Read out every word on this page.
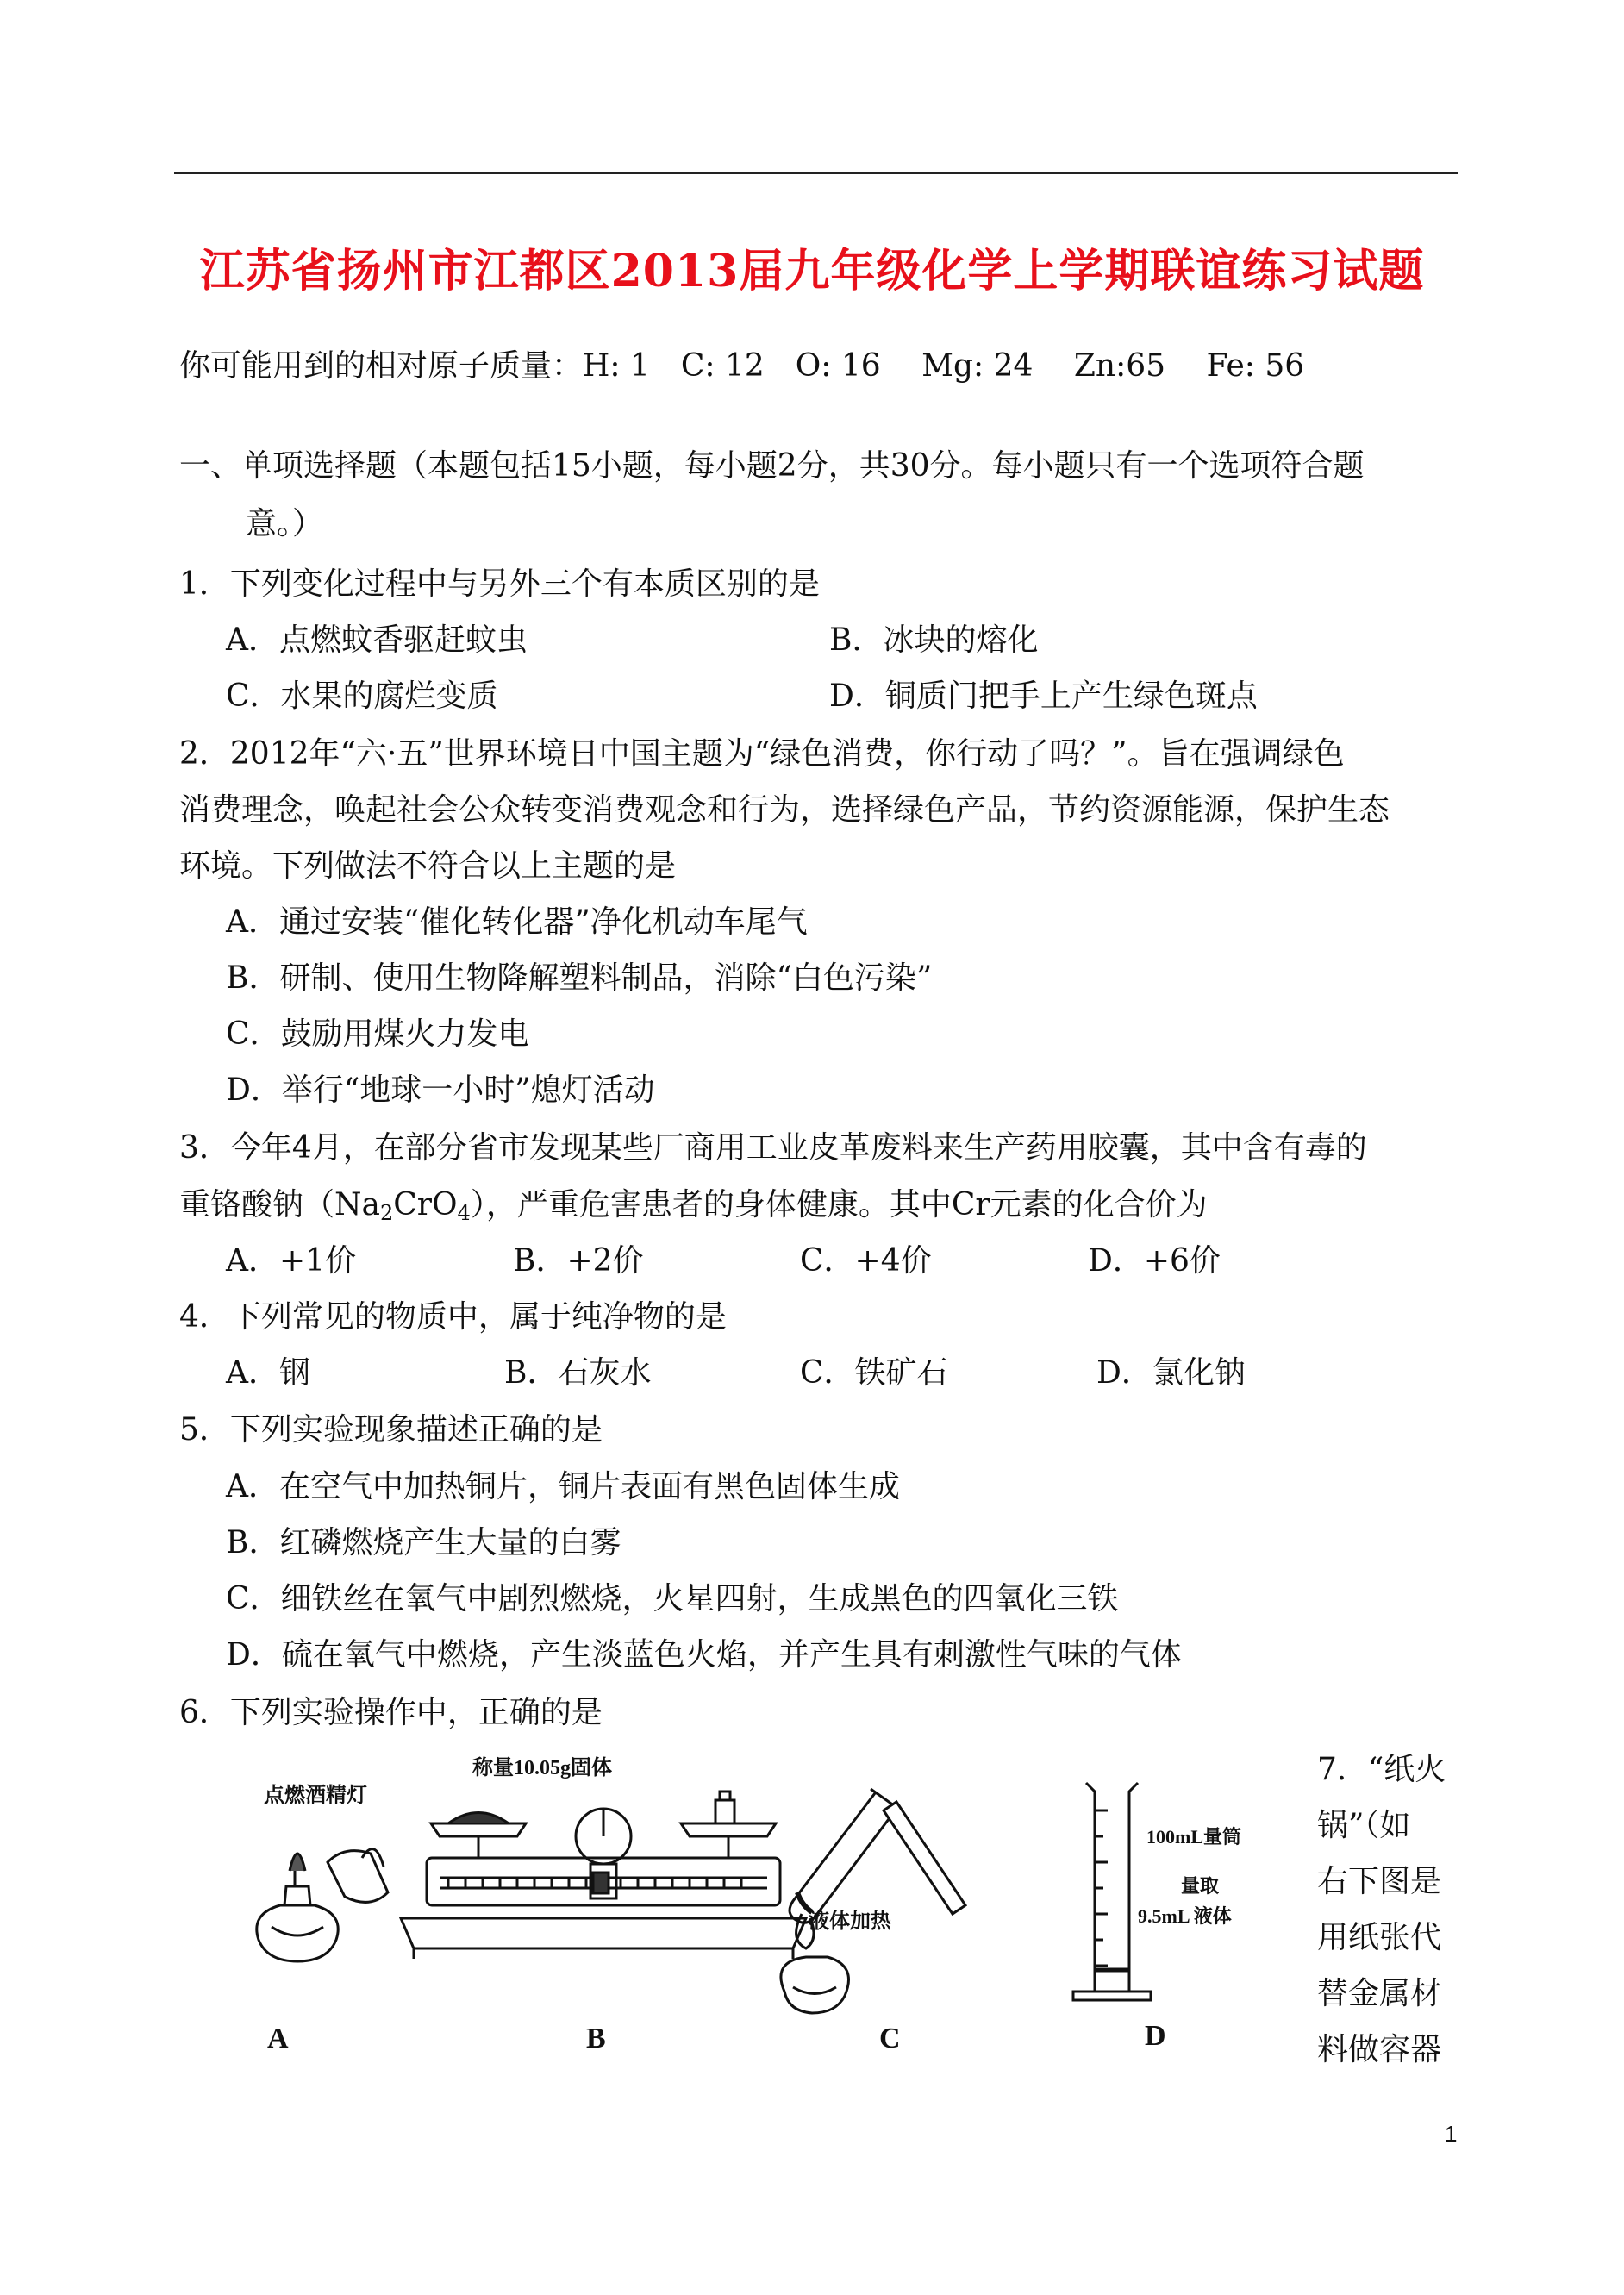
江苏省扬州市江都区2013届九年级化学上学期联谊练习试题
你可能用到的相对原子质量：H: 1　C: 12　O: 16　 Mg: 24　 Zn:65　 Fe: 56
一、单项选择题（本题包括15小题，每小题2分，共30分。每小题只有一个选项符合题
意。）
1．下列变化过程中与另外三个有本质区别的是
A．点燃蚊香驱赶蚊虫	B．冰块的熔化
C．水果的腐烂变质	D．铜质门把手上产生绿色斑点
2．2012年“六·五”世界环境日中国主题为“绿色消费，你行动了吗？”。旨在强调绿色
消费理念，唤起社会公众转变消费观念和行为，选择绿色产品，节约资源能源，保护生态
环境。下列做法不符合以上主题的是
A．通过安装“催化转化器”净化机动车尾气
B．研制、使用生物降解塑料制品，消除“白色污染”
C．鼓励用煤火力发电
D．举行“地球一小时”熄灯活动
3．今年4月，在部分省市发现某些厂商用工业皮革废料来生产药用胶囊，其中含有毒的
重铬酸钠$(Na_2CrO_4)$，严重危害患者的身体健康。其中Cr元素的化合价为
A．+1价	B．+2价	C．+4价	D．+6价
4．下列常见的物质中，属于纯净物的是
A．钢	B．石灰水	C．铁矿石	D．氯化钠
5．下列实验现象描述正确的是
A．在空气中加热铜片，铜片表面有黑色固体生成
B．红磷燃烧产生大量的白雾
C．细铁丝在氧气中剧烈燃烧，火星四射，生成黑色的四氧化三铁
D．硫在氧气中燃烧，产生淡蓝色火焰，并产生具有刺激性气味的气体
6．下列实验操作中，正确的是
点燃酒精灯
A
称量10.05g固体
B
液体加热
C
100mL量筒
量取
9.5mL 液体
D
7．“纸火
锅”（如
右下图是
用纸张代
替金属材
料做容器
1
